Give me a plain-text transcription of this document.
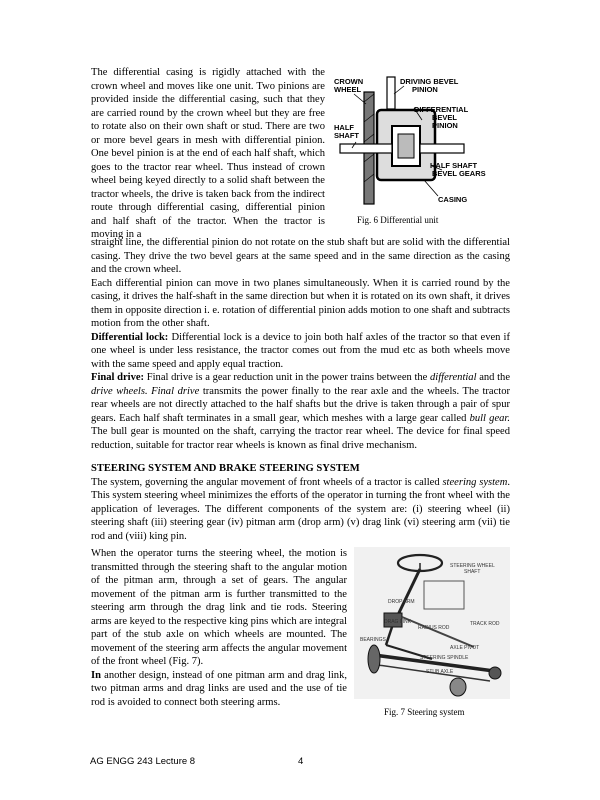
The differential casing is rigidly attached with the crown wheel and moves like one unit. Two pinions are provided inside the differential casing, such that they are carried round by the crown wheel but they are free to rotate also on their own shaft or stud. There are two or more bevel gears in mesh with differential pinion. One bevel pinion is at the end of each half shaft, which goes to the tractor rear wheel. Thus instead of crown wheel being keyed directly to a solid shaft between the tractor wheels, the drive is taken back from the indirect route through differential casing, differential pinion and half shaft of the tractor. When the tractor is moving in a

CROWN WHEEL
DRIVING BEVEL PINION
DIFFERENTIAL BEVEL PINION
HALF SHAFT
HALF SHAFT BEVEL GEARS
CASING
Fig. 6 Differential unit

straight line, the differential pinion do not rotate on the stub shaft but are solid with the differential casing. They drive the two bevel gears at the same speed and in the same direction as the casing and the crown wheel.

Each differential pinion can move in two planes simultaneously. When it is carried round by the casing, it drives the half-shaft in the same direction but when it is rotated on its own shaft, it drives them in opposite direction i. e. rotation of differential pinion adds motion to one shaft and subtracts motion from the other shaft.

Differential lock: Differential lock is a device to join both half axles of the tractor so that even if one wheel is under less resistance, the tractor comes out from the mud etc as both wheels move with the same speed and apply equal traction.

Final drive: Final drive is a gear reduction unit in the power trains between the differential and the drive wheels. Final drive transmits the power finally to the rear axle and the wheels. The tractor rear wheels are not directly attached to the half shafts but the drive is taken through a pair of spur gears. Each half shaft terminates in a small gear, which meshes with a large gear called bull gear. The bull gear is mounted on the shaft, carrying the tractor rear wheel. The device for final speed reduction, suitable for tractor rear wheels is known as final drive mechanism.

STEERING SYSTEM AND BRAKE STEERING SYSTEM

The system, governing the angular movement of front wheels of a tractor is called steering system. This system steering wheel minimizes the efforts of the operator in turning the front wheel with the application of leverages. The different components of the system are: (i) steering wheel (ii) steering shaft (iii) steering gear (iv) pitman arm (drop arm) (v) drag link (vi) steering arm (vii) tie rod and (viii) king pin.

When the operator turns the steering wheel, the motion is transmitted through the steering shaft to the angular motion of the pitman arm, through a set of gears. The angular movement of the pitman arm is further transmitted to the steering arm through the drag link and tie rods. Steering arms are keyed to the respective king pins which are integral part of the stub axle on which wheels are mounted. The movement of the steering arm affects the angular movement of the front wheel (Fig. 7).

In another design, instead of one pitman arm and drag link, two pitman arms and drag links are used and the use of tie rod is avoided to connect both steering arms.

STEERING WHEEL SHAFT
DROP ARM
DRAG LINK
RADIUS ROD
TRACK ROD
BEARINGS
AXLE PIVOT
STEERING SPINDLE
STUB AXLE
Fig. 7 Steering system
AG ENGG 243 Lecture 8	4
